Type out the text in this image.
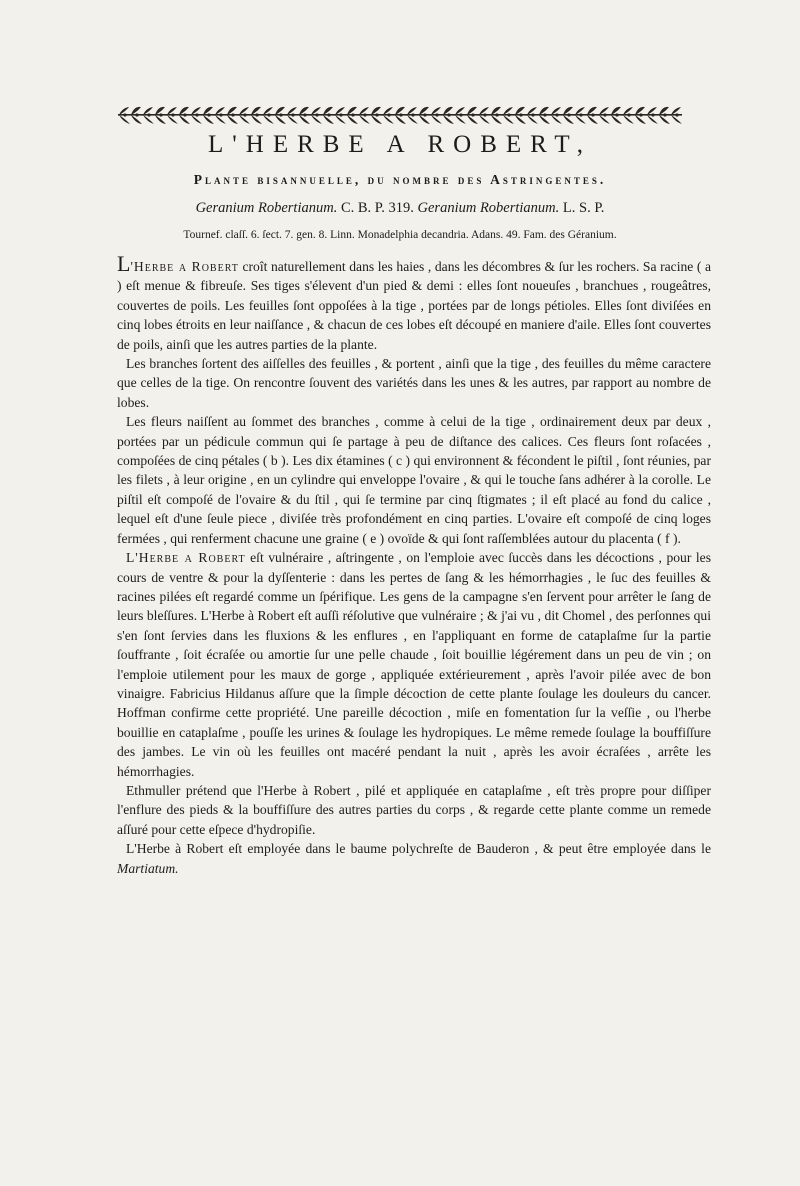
L'HERBE A ROBERT,
Plante bisannuelle, du nombre des Astringentes.

Geranium Robertianum. C. B. P. 319. Geranium Robertianum. L. S. P.

Tournef. claſſ. 6. ſect. 7. gen. 8. Linn. Monadelphia decandria. Adans. 49. Fam. des Géranium.

L'Herbe a Robert croît naturellement dans les haies , dans les décombres & ſur les rochers. Sa racine ( a ) eſt menue & fibreuſe. Ses tiges s'élevent d'un pied & demi : elles ſont noueuſes , branchues , rougeâtres, couvertes de poils. Les feuilles ſont oppoſées à la tige , portées par de longs pétioles. Elles ſont diviſées en cinq lobes étroits en leur naiſſance , & chacun de ces lobes eſt découpé en maniere d'aile. Elles ſont couvertes de poils, ainſi que les autres parties de la plante.

Les branches ſortent des aiſſelles des feuilles , & portent , ainſi que la tige , des feuilles du même caractere que celles de la tige. On rencontre ſouvent des variétés dans les unes & les autres, par rapport au nombre de lobes.

Les fleurs naiſſent au ſommet des branches , comme à celui de la tige , ordinairement deux par deux , portées par un pédicule commun qui ſe partage à peu de diſtance des calices. Ces fleurs ſont roſacées , compoſées de cinq pétales ( b ). Les dix étamines ( c ) qui environnent & fécondent le piſtil , ſont réunies, par les filets , à leur origine , en un cylindre qui enveloppe l'ovaire , & qui le touche ſans adhérer à la corolle. Le piſtil eſt compoſé de l'ovaire & du ſtil , qui ſe termine par cinq ſtigmates ; il eſt placé au fond du calice , lequel eſt d'une ſeule piece , diviſée très profondément en cinq parties. L'ovaire eſt compoſé de cinq loges fermées , qui renferment chacune une graine ( e ) ovoïde & qui ſont raſſemblées autour du placenta ( f ).

L'Herbe a Robert eſt vulnéraire , aſtringente , on l'emploie avec ſuccès dans les décoctions , pour les cours de ventre & pour la dyſſenterie : dans les pertes de ſang & les hémorrhagies , le ſuc des feuilles & racines pilées eſt regardé comme un ſpérifique. Les gens de la campagne s'en ſervent pour arrêter le ſang de leurs bleſſures. L'Herbe à Robert eſt auſſi réſolutive que vulnéraire ; & j'ai vu , dit Chomel , des perſonnes qui s'en ſont ſervies dans les fluxions & les enflures , en l'appliquant en forme de cataplaſme ſur la partie ſouffrante , ſoit écraſée ou amortie ſur une pelle chaude , ſoit bouillie légérement dans un peu de vin ; on l'emploie utilement pour les maux de gorge , appliquée extérieurement , après l'avoir pilée avec de bon vinaigre. Fabricius Hildanus aſſure que la ſimple décoction de cette plante ſoulage les douleurs du cancer. Hoffman confirme cette propriété. Une pareille décoction , miſe en fomentation ſur la veſſie , ou l'herbe bouillie en cataplaſme , pouſſe les urines & ſoulage les hydropiques. Le même remede ſoulage la bouffiſſure des jambes. Le vin où les feuilles ont macéré pendant la nuit , après les avoir écraſées , arrête les hémorrhagies.

Ethmuller prétend que l'Herbe à Robert , pilé et appliquée en cataplaſme , eſt très propre pour diſſiper l'enflure des pieds & la bouffiſſure des autres parties du corps , & regarde cette plante comme un remede aſſuré pour cette eſpece d'hydropiſie.

L'Herbe à Robert eſt employée dans le baume polychreſte de Bauderon , & peut être employée dans le Martiatum.
